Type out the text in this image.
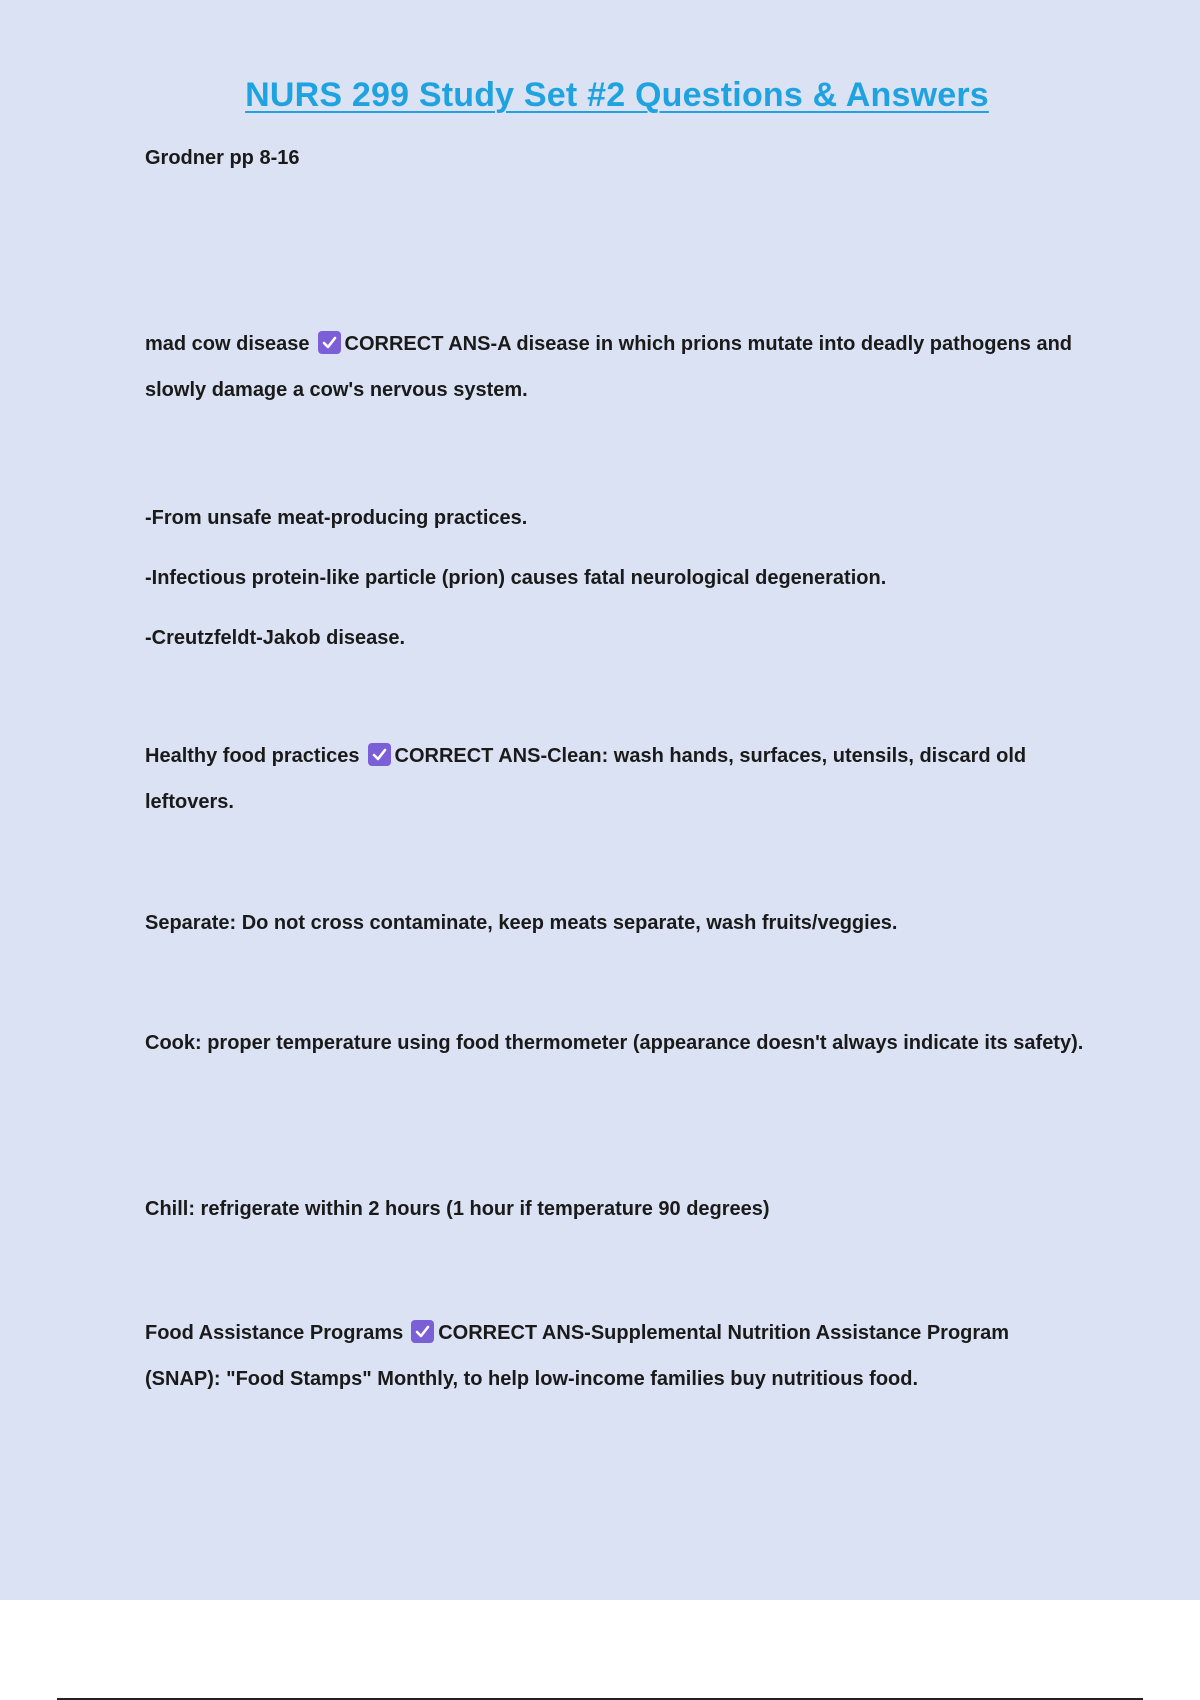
NURS 299 Study Set #2 Questions & Answers

Grodner pp 8-16

mad cow disease CORRECT ANS-A disease in which prions mutate into deadly pathogens and slowly damage a cow's nervous system.

-From unsafe meat-producing practices.

-Infectious protein-like particle (prion) causes fatal neurological degeneration.

-Creutzfeldt-Jakob disease.

Healthy food practices CORRECT ANS-Clean: wash hands, surfaces, utensils, discard old leftovers.

Separate: Do not cross contaminate, keep meats separate, wash fruits/veggies.

Cook: proper temperature using food thermometer (appearance doesn't always indicate its safety).

Chill: refrigerate within 2 hours (1 hour if temperature 90 degrees)

Food Assistance Programs CORRECT ANS-Supplemental Nutrition Assistance Program (SNAP): "Food Stamps" Monthly, to help low-income families buy nutritious food.
